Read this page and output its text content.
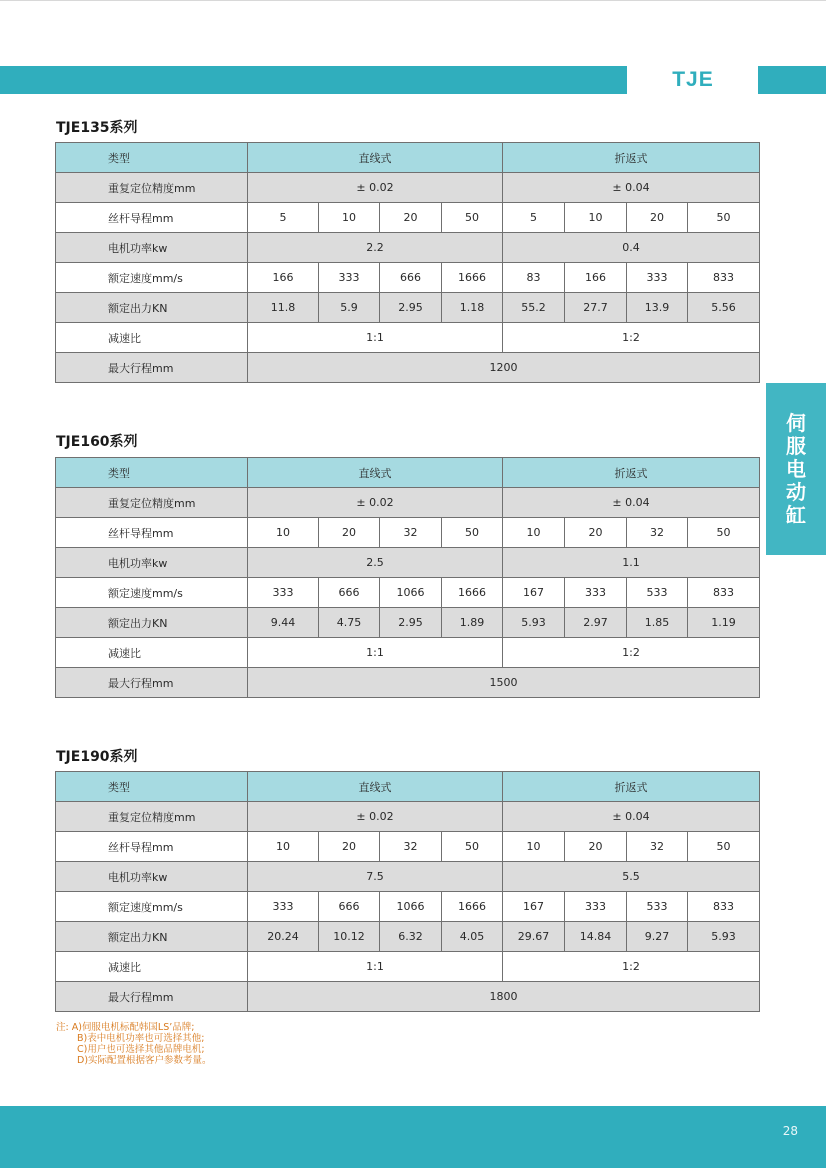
TJE
伺
服
电
动
缸
TJE135系列
类型	直线式				折返式			
重复定位精度mm	± 0.02				± 0.04			
丝杆导程mm	5	10	20	50	5	10	20	50
电机功率kw	2.2				0.4			
额定速度mm/s	166	333	666	1666	83	166	333	833
额定出力KN	11.8	5.9	2.95	1.18	55.2	27.7	13.9	5.56
减速比	1:1				1:2			
最大行程mm	1200							
TJE160系列
类型	直线式				折返式			
重复定位精度mm	± 0.02				± 0.04			
丝杆导程mm	10	20	32	50	10	20	32	50
电机功率kw	2.5				1.1			
额定速度mm/s	333	666	1066	1666	167	333	533	833
额定出力KN	9.44	4.75	2.95	1.89	5.93	2.97	1.85	1.19
减速比	1:1				1:2			
最大行程mm	1500							
TJE190系列
类型	直线式				折返式			
重复定位精度mm	± 0.02				± 0.04			
丝杆导程mm	10	20	32	50	10	20	32	50
电机功率kw	7.5				5.5			
额定速度mm/s	333	666	1066	1666	167	333	533	833
额定出力KN	20.24	10.12	6.32	4.05	29.67	14.84	9.27	5.93
减速比	1:1				1:2			
最大行程mm	1800							
注: A)伺服电机标配韩国LS’品牌;
B)表中电机功率也可选择其他;
C)用户也可选择其他品牌电机;
D)实际配置根据客户参数考量。
28
